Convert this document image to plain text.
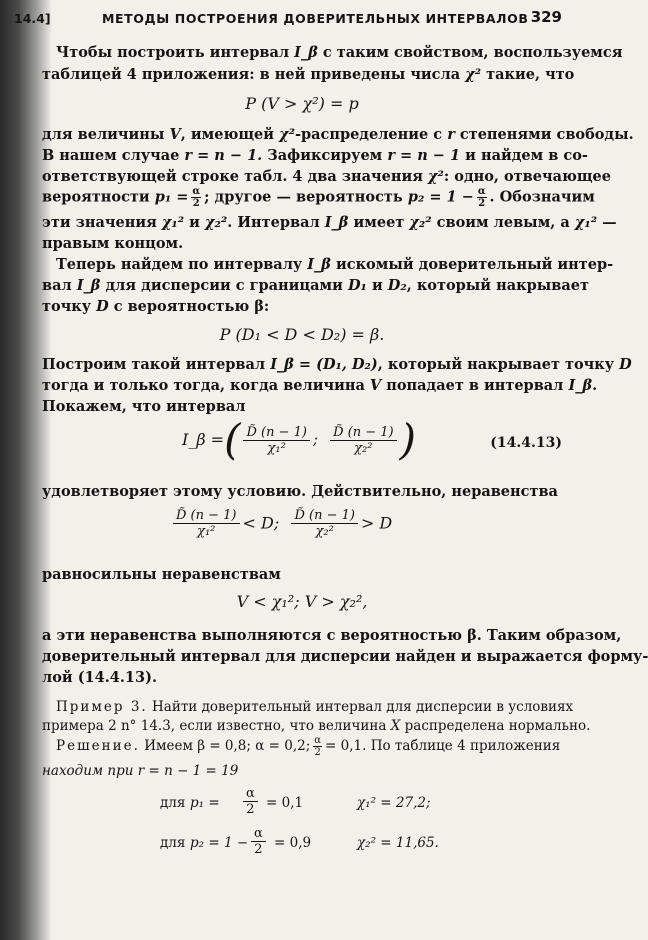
14.4]	МЕТОДЫ ПОСТРОЕНИЯ ДОВЕРИТЕЛЬНЫХ ИНТЕРВАЛОВ 329
Чтобы построить интервал I_β с таким свойством, воспользуемся
таблицей 4 приложения: в ней приведены числа χ² такие, что
P (V > χ²) = p
для величины V, имеющей χ²-распределение с r степенями свободы.
В нашем случае r = n − 1. Зафиксируем r = n − 1 и найдем в со-
ответствующей строке табл. 4 два значения χ²: одно, отвечающее
вероятности $p_1 = \frac{\alpha}{2}$ ; другое — вероятность $p_2 = 1 - \frac{\alpha}{2}$ . Обозначим
эти значения χ₁² и χ₂². Интервал I_β имеет χ₂² своим левым, а χ₁² —
правым концом.
Теперь найдем по интервалу I_β искомый доверительный интер-
вал I_β для дисперсии с границами D₁ и D₂, который накрывает
точку D с вероятностью β:
P (D₁ < D < D₂) = β.
Построим такой интервал I_β = (D₁, D₂), который накрывает точку D
тогда и только тогда, когда величина V попадает в интервал I_β.
Покажем, что интервал
I_β =( $\frac{D̃ (n - 1)}{\text{χ₁²}}$ ; $\frac{D̃ (n - 1)}{\text{χ₂²}}$ )	(14.4.13)
удовлетворяет этому условию. Действительно, неравенства
$\frac{D̃ (n - 1)}{\text{χ₁²}} < D$; $\frac{D̃ (n - 1)}{\text{χ₂²}} > D$
равносильны неравенствам
V < χ₁²; V > χ₂²,
а эти неравенства выполняются с вероятностью β. Таким образом,
доверительный интервал для дисперсии найден и выражается форму-
лой (14.4.13).
Пример 3. Найти доверительный интервал для дисперсии в условиях
примера 2 n° 14.3, если известно, что величина X распределена нормально.
Решение. Имеем β = 0,8; α = 0,2; $\frac{\alpha}{2} = 0,1$. По таблице 4 приложения
находим при r = n − 1 = 19
для $p_1 = \frac{\alpha}{2} = 0,1$	χ₁² = 27,2;
для $p_2 = 1 - \frac{\alpha}{2} = 0,9$	χ₂² = 11,65.
